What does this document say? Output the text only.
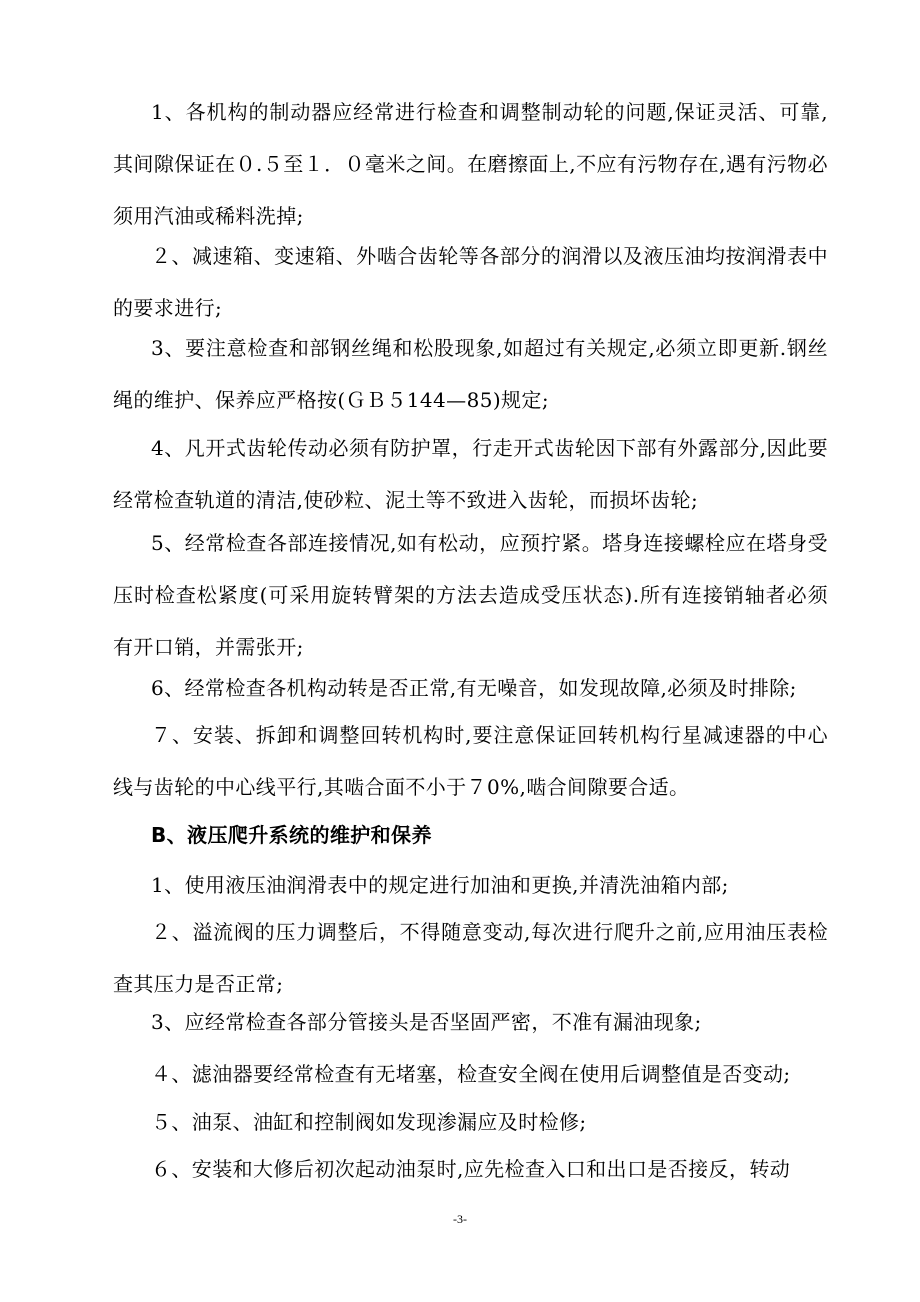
1、各机构的制动器应经常进行检查和调整制动轮的问题,保证灵活、可靠,其间隙保证在０.５至１．０毫米之间。在磨擦面上,不应有污物存在,遇有污物必须用汽油或稀料洗掉;

２、减速箱、变速箱、外啮合齿轮等各部分的润滑以及液压油均按润滑表中的要求进行;

3、要注意检查和部钢丝绳和松股现象,如超过有关规定,必须立即更新.钢丝绳的维护、保养应严格按(ＧＢ５144—85)规定;

4、凡开式齿轮传动必须有防护罩，行走开式齿轮因下部有外露部分,因此要经常检查轨道的清洁,使砂粒、泥土等不致进入齿轮，而损坏齿轮;

5、经常检查各部连接情况,如有松动，应预拧紧。塔身连接螺栓应在塔身受压时检查松紧度(可采用旋转臂架的方法去造成受压状态).所有连接销轴者必须有开口销，并需张开;

6、经常检查各机构动转是否正常,有无噪音，如发现故障,必须及时排除;

７、安装、拆卸和调整回转机构时,要注意保证回转机构行星减速器的中心线与齿轮的中心线平行,其啮合面不小于７0%,啮合间隙要合适。

B、液压爬升系统的维护和保养

1、使用液压油润滑表中的规定进行加油和更换,并清洗油箱内部;

２、溢流阀的压力调整后，不得随意变动,每次进行爬升之前,应用油压表检查其压力是否正常;

3、应经常检查各部分管接头是否坚固严密，不准有漏油现象;

４、滤油器要经常检查有无堵塞，检查安全阀在使用后调整值是否变动;

５、油泵、油缸和控制阀如发现渗漏应及时检修;

６、安装和大修后初次起动油泵时,应先检查入口和出口是否接反，转动

-3-
